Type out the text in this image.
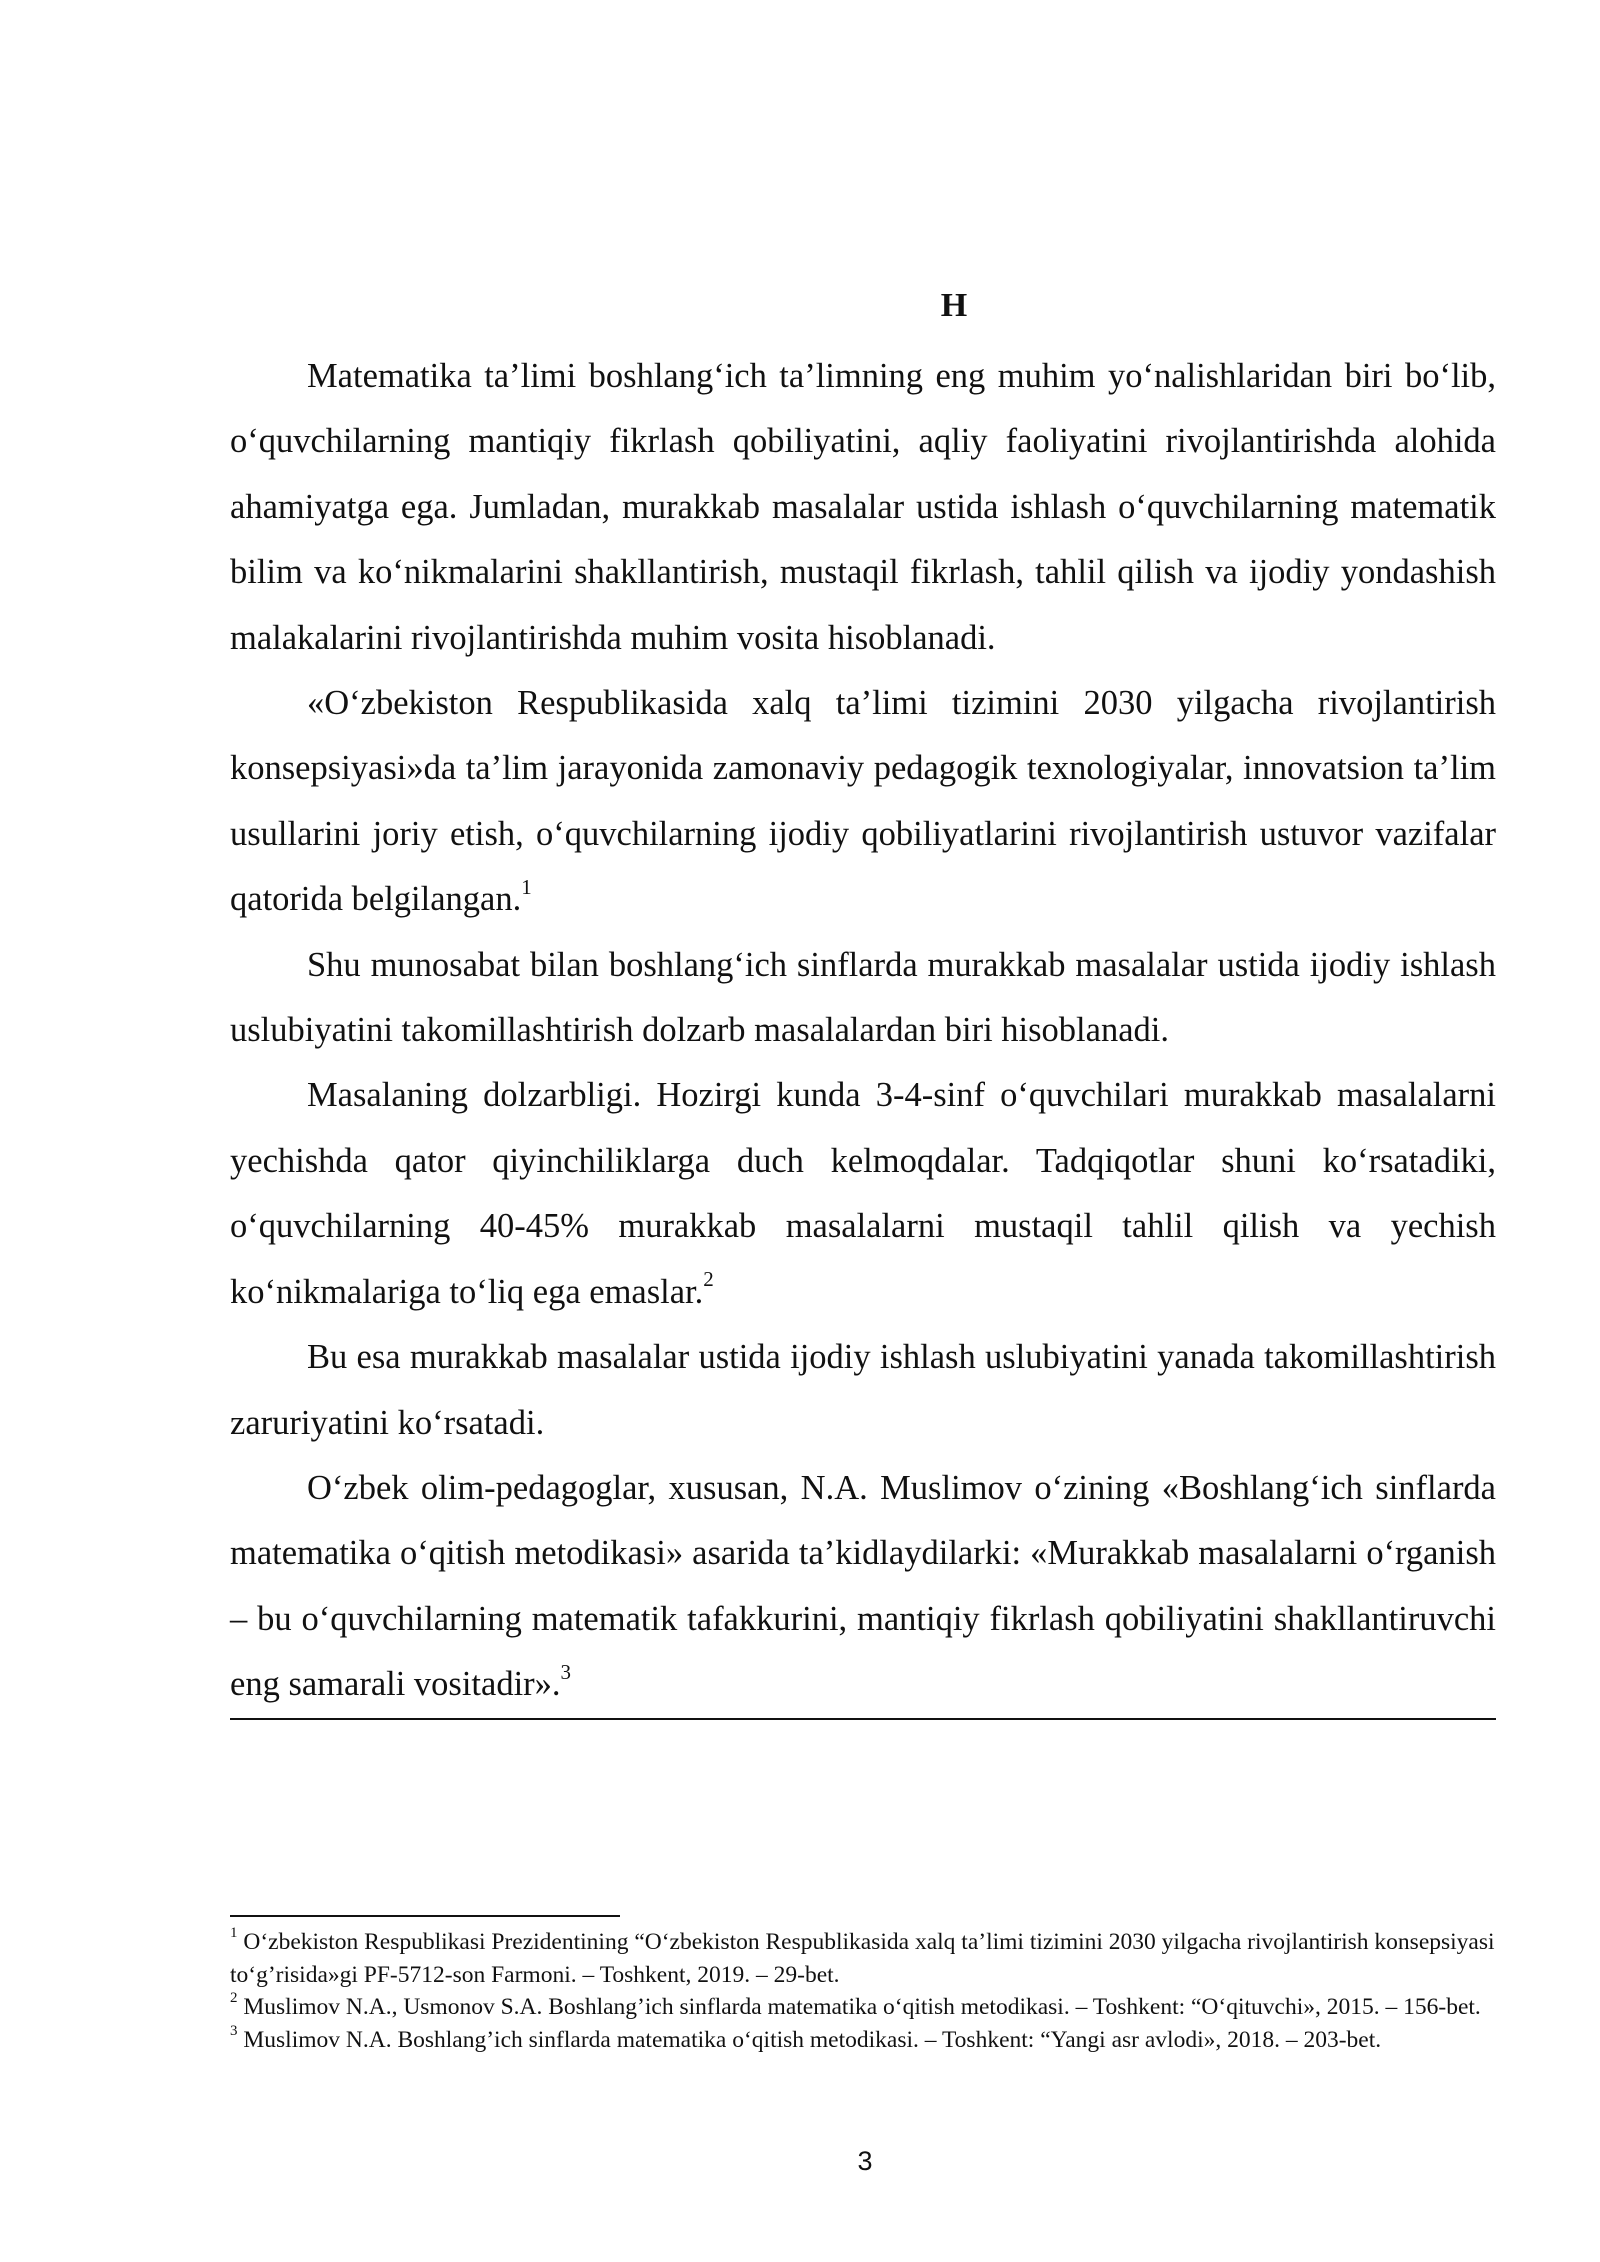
H

Matematika ta’limi boshlang‘ich ta’limning eng muhim yo‘nalishlaridan biri bo‘lib, o‘quvchilarning mantiqiy fikrlash qobiliyatini, aqliy faoliyatini rivojlantirishda alohida ahamiyatga ega. Jumladan, murakkab masalalar ustida ishlash o‘quvchilarning matematik bilim va ko‘nikmalarini shakllantirish, mustaqil fikrlash, tahlil qilish va ijodiy yondashish malakalarini rivojlantirishda muhim vosita hisoblanadi.

«O‘zbekiston Respublikasida xalq ta’limi tizimini 2030 yilgacha rivojlantirish konsepsiyasi»da ta’lim jarayonida zamonaviy pedagogik texnologiyalar, innovatsion ta’lim usullarini joriy etish, o‘quvchilarning ijodiy qobiliyatlarini rivojlantirish ustuvor vazifalar qatorida belgilangan.$^1$

Shu munosabat bilan boshlang‘ich sinflarda murakkab masalalar ustida ijodiy ishlash uslubiyatini takomillashtirish dolzarb masalalardan biri hisoblanadi.

Masalaning dolzarbligi. Hozirgi kunda 3-4-sinf o‘quvchilari murakkab masalalarni yechishda qator qiyinchiliklarga duch kelmoqdalar. Tadqiqotlar shuni ko‘rsatadiki, o‘quvchilarning 40-45% murakkab masalalarni mustaqil tahlil qilish va yechish ko‘nikmalariga to‘liq ega emaslar.$^2$

Bu esa murakkab masalalar ustida ijodiy ishlash uslubiyatini yanada takomillashtirish zaruriyatini ko‘rsatadi.

O‘zbek olim-pedagoglar, xususan, N.A. Muslimov o‘zining «Boshlang‘ich sinflarda matematika o‘qitish metodikasi» asarida ta’kidlaydilarki: «Murakkab masalalarni o‘rganish – bu o‘quvchilarning matematik tafakkurini, mantiqiy fikrlash qobiliyatini shakllantiruvchi eng samarali vositadir».$^3$

$^1$ O‘zbekiston Respublikasi Prezidentining “O‘zbekiston Respublikasida xalq ta’limi tizimini 2030 yilgacha rivojlantirish konsepsiyasi to‘g’risida»gi PF-5712-son Farmoni. – Toshkent, 2019. – 29-bet.

$^2$ Muslimov N.A., Usmonov S.A. Boshlang’ich sinflarda matematika o‘qitish metodikasi. – Toshkent: “O‘qituvchi», 2015. – 156-bet.

$^3$ Muslimov N.A. Boshlang’ich sinflarda matematika o‘qitish metodikasi. – Toshkent: “Yangi asr avlodi», 2018. – 203-bet.

3
